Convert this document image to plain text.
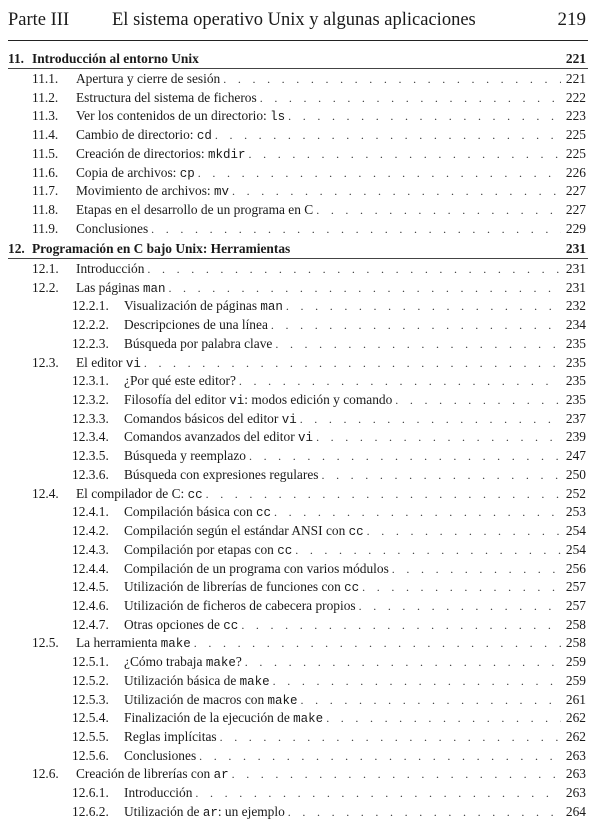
Parte III	El sistema operativo Unix y algunas aplicaciones	219
11. Introducción al entorno Unix	221
11.1.	Apertura y cierre de sesión . . .	221
11.2.	Estructura del sistema de ficheros . . .	222
11.3.	Ver los contenidos de un directorio: ls . . .	223
11.4.	Cambio de directorio: cd . . .	225
11.5.	Creación de directorios: mkdir . . .	225
11.6.	Copia de archivos: cp . . .	226
11.7.	Movimiento de archivos: mv . . .	227
11.8.	Etapas en el desarrollo de un programa en C . . .	227
11.9.	Conclusiones . . .	229
12. Programación en C bajo Unix: Herramientas	231
12.1.	Introducción . . .	231
12.2.	Las páginas man . . .	231
12.2.1.	Visualización de páginas man . . .	232
12.2.2.	Descripciones de una línea . . .	234
12.2.3.	Búsqueda por palabra clave . . .	235
12.3.	El editor vi . . .	235
12.3.1.	¿Por qué este editor? . . .	235
12.3.2.	Filosofía del editor vi: modos edición y comando . . .	235
12.3.3.	Comandos básicos del editor vi . . .	237
12.3.4.	Comandos avanzados del editor vi . . .	239
12.3.5.	Búsqueda y reemplazo . . .	247
12.3.6.	Búsqueda con expresiones regulares . . .	250
12.4.	El compilador de C: cc . . .	252
12.4.1.	Compilación básica con cc . . .	253
12.4.2.	Compilación según el estándar ANSI con cc . . .	254
12.4.3.	Compilación por etapas con cc . . .	254
12.4.4.	Compilación de un programa con varios módulos . . .	256
12.4.5.	Utilización de librerías de funciones con cc . . .	257
12.4.6.	Utilización de ficheros de cabecera propios . . .	257
12.4.7.	Otras opciones de cc . . .	258
12.5.	La herramienta make . . .	258
12.5.1.	¿Cómo trabaja make? . . .	259
12.5.2.	Utilización básica de make . . .	259
12.5.3.	Utilización de macros con make . . .	261
12.5.4.	Finalización de la ejecución de make . . .	262
12.5.5.	Reglas implícitas . . .	262
12.5.6.	Conclusiones . . .	263
12.6.	Creación de librerías con ar . . .	263
12.6.1.	Introducción . . .	263
12.6.2.	Utilización de ar: un ejemplo . . .	264
